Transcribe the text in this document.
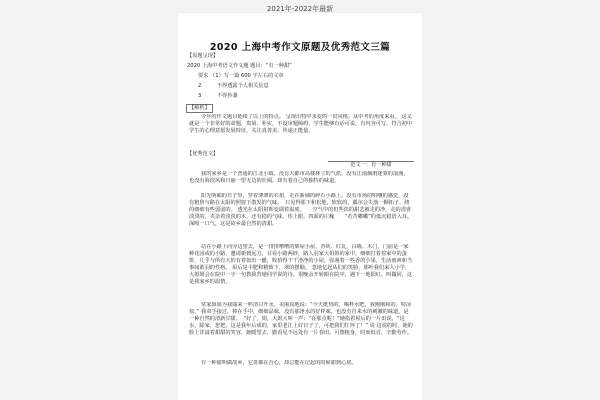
2021年-2022年最新
2020 上海中考作文原题及优秀范文三篇
【原题呈现】
2020 上海中考语文作文题 题目：“有一种甜”
要求 （1）写一篇 600 字左右的文章
2　　　不得透露个人相关信息
3　　　不得抄袭
【解析】
今年的作文题目延续了以上的特点。 呈现出特中求变的一贯风格。从中考的角度来看。 这又就是一个非常好的命题，贵简、朴实，不设审题障碍，学生能够有话可说。有内容可写。符合初中学生的心理意愿发展特征。关注真善美、传递正能量。
【优秀范文】
范文一：有一种甜
我的家乡是一个普通的江北小镇。没有大都市高楼林立的气派，没有江南烟雨迷蒙的浪漫，也没有海滨风和日丽一望无边的壮阔。却有着自己的独特的味道。
阳光明媚的日子里，穿着薄薄的衣裙，走在新铺的碎石小路上。没有市场的哄嚷的感觉，没有粗鲁与路在太阳的照射下散发的气味。　只见得那下和松地，软软的，偶尔会失落一颗拓子，绕的细细有些弱弱的。 透光在太阳射晖变调着温度。　　空气中的但些淡的甜艺被走的净，走的清香淡淡的，夹杂着淡淡的木，还有稳的气味。你上眼，四面的庄稼　　“若苦嘟嘟”的低沉稳语入耳。深吸一口气，这是故乡最自然的清甜。
站在小路上向旁边望去，是一排排嘈嘈的柴屋小屋，青砖、红瓦，白墙。木门，门前是一家种花园或的小路，邀请新到远方，目看小路两砂，路人羽家大姐姐的家中，细细打着着家中的蛋饼，几乎与所有大的有着如出一辙，收拾得干干净净的小屋，弥漫着一些香的小果，生活雨爽和当事间敢羽的性格。 屋后是丰肥和精致下，翠的摆顺。 忽地忆起从们的笑脸，那叶我们来人小学，大姐姐会在院中一字一句教我背她同学说的诗。很晚余开转眼在院中，遇下一地阳红。叫做回，这是我家乡的温情。
常家姐姐为我端来一杯清白开水，美丽真地说：“今天挺热的，喝杯水吧，我刚刚和的，特凉快。” 我双手接过，捧在手中，细细品味，没有那净水的好样味，也没有自来水的刺激的味道，是一种自然的清新甘甜。　“好了，姐，大姐大叫一声：“在那点呢！”她指着屋后的一片田说，“这水，除家，您把，这是我年后成的，家里老江上好日子了，可把我们忙坏了！” 说 这说的时，她的脸上洋溢着甜甜的笑容，她暖望去，勤看见不远处有一片春田，可图粗身，时而低首，辛勤劳作。
有一种甜叫做故乡，它贯都在吾心，却总能在记起的时候甜到心底。
